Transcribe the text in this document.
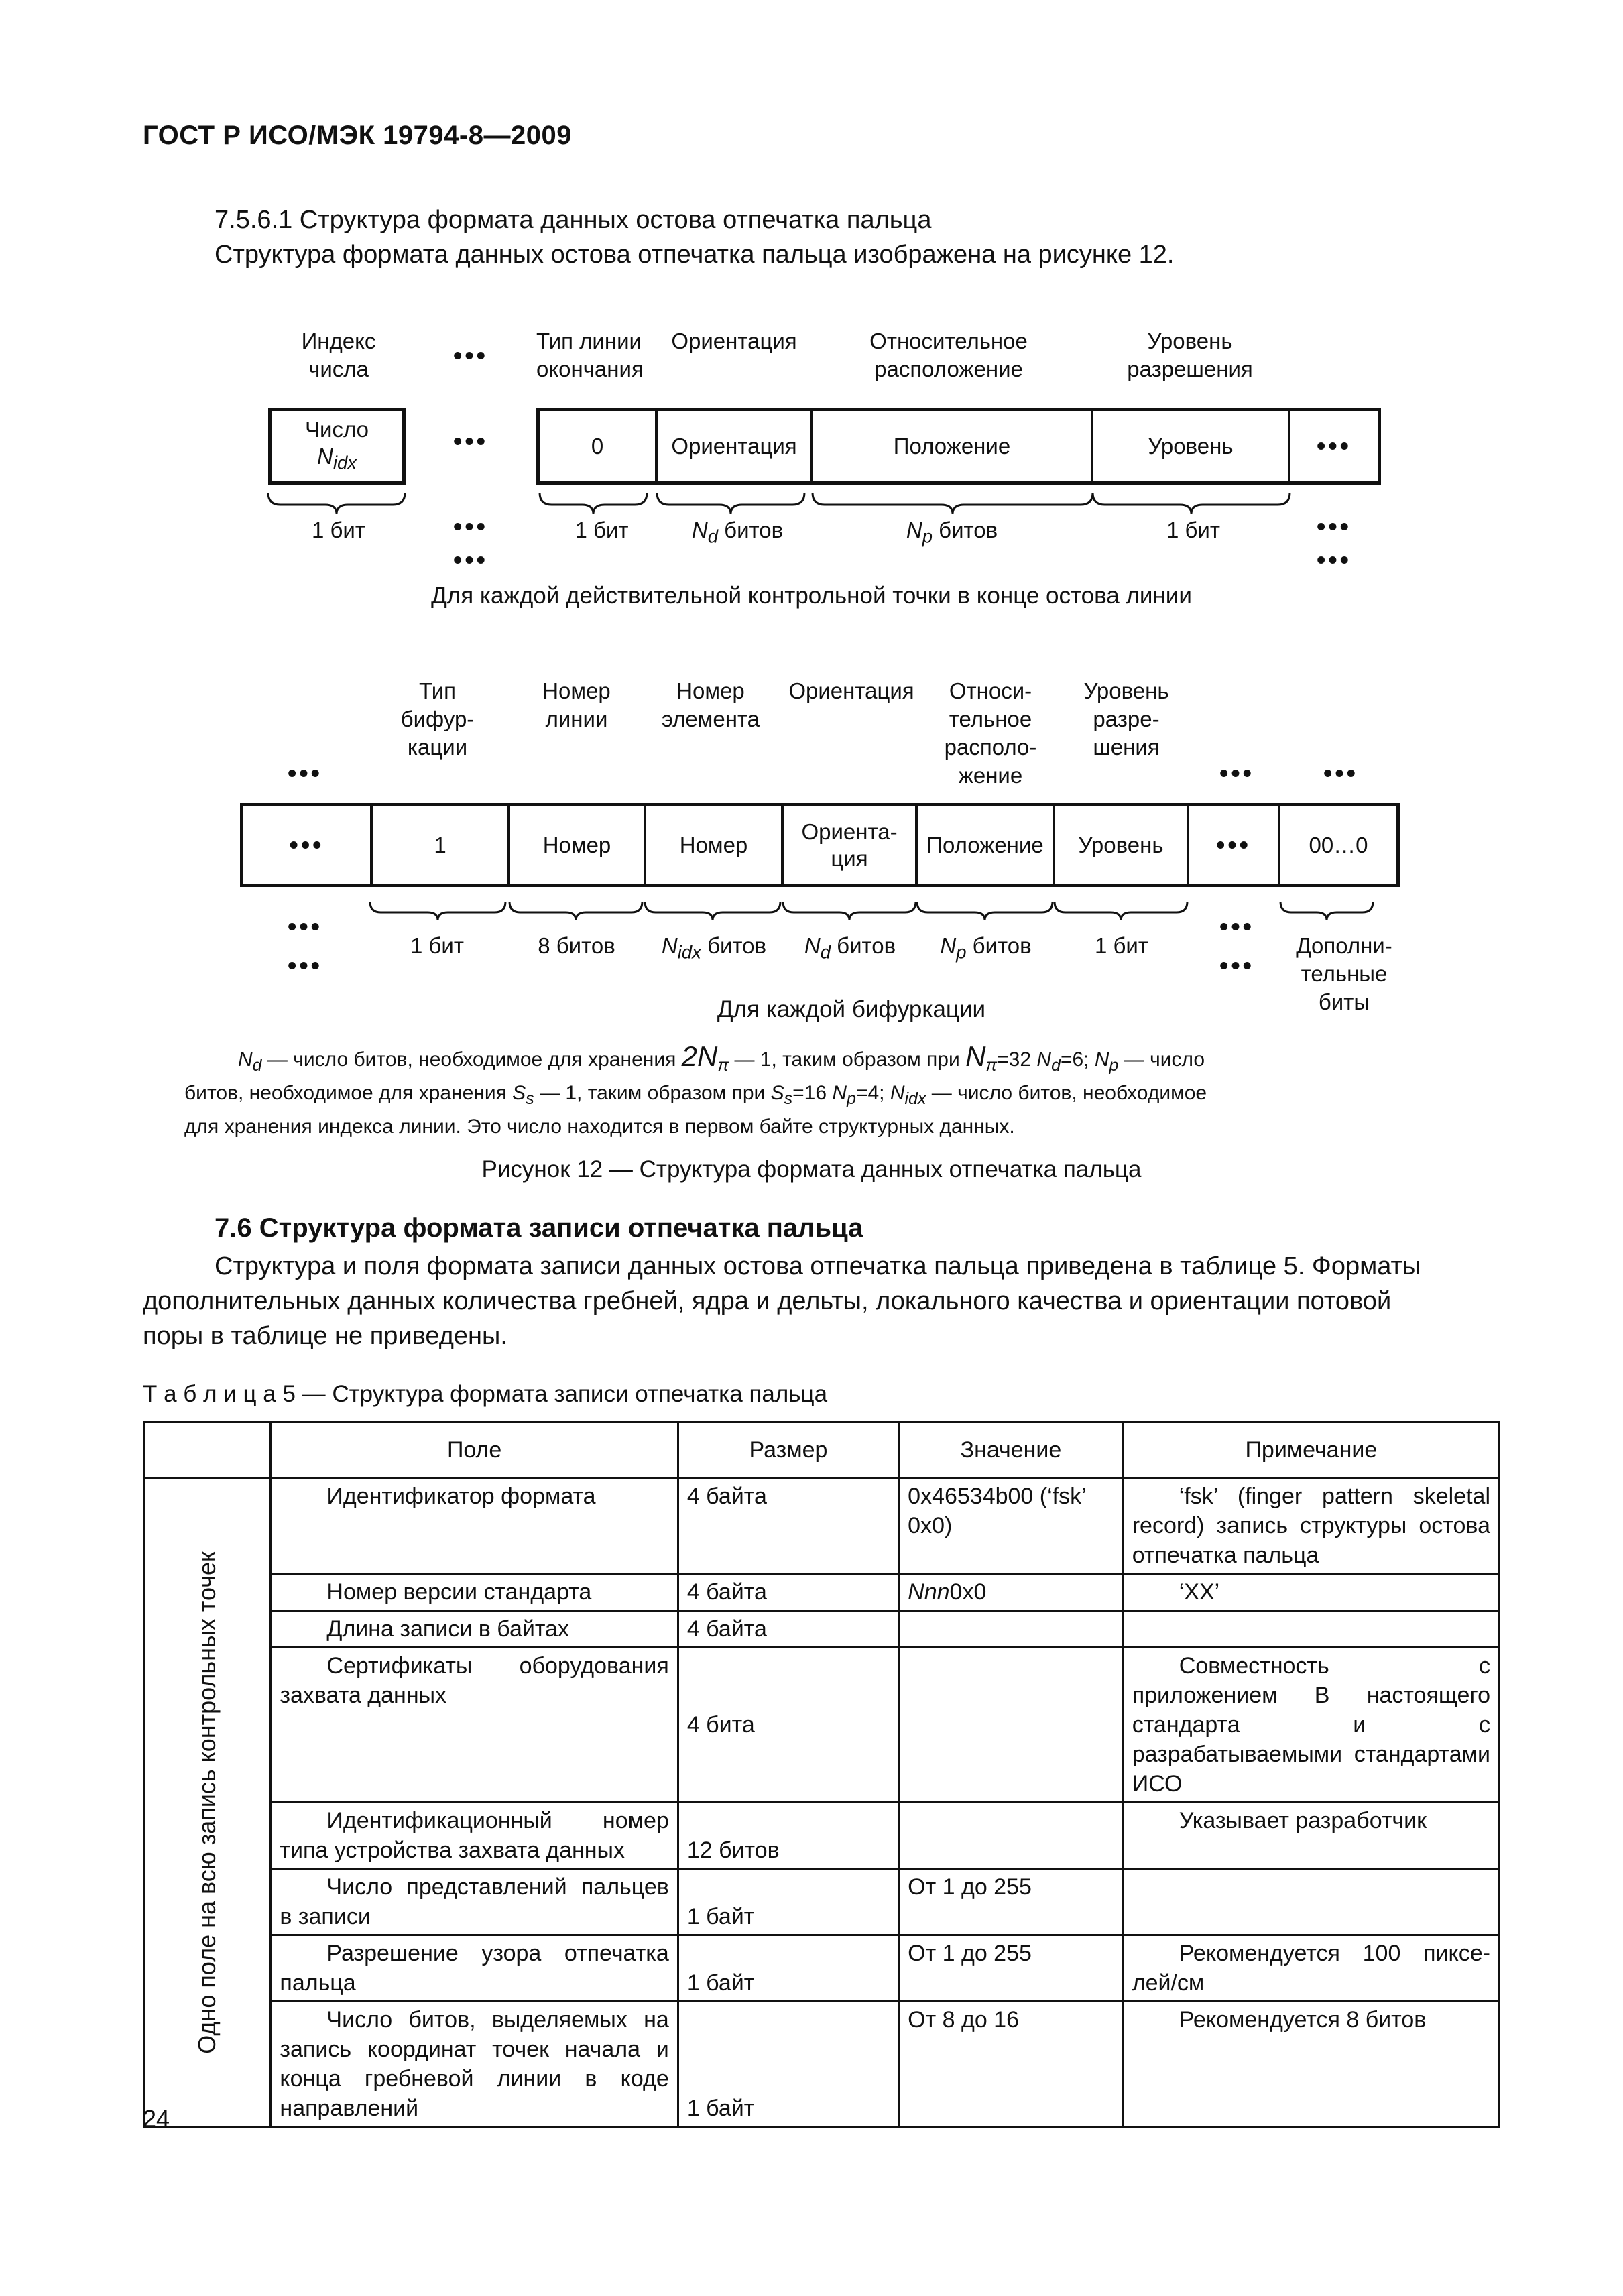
ГОСТ Р ИСО/МЭК 19794-8—2009
7.5.6.1 Структура формата данных остова отпечатка пальца
Структура формата данных остова отпечатка пальца изображена на рисунке 12.
Индекс
числа	•••
Тип линии
окончания
Ориентация	Относительное
расположение
Уровень
разрешения
Число
$N_{idx}$
•••	0	Ориентация	Положение	Уровень	•••
1 бит	•••
•••
1 бит	$N_d$ битов	$N_p$ битов	1 бит	•••
•••
Для каждой действительной контрольной точки в конце остова линии
Тип
бифур-
кации
Номер
линии
Номер
элемента
Ориентация	Относи-
тельное
располо-
жение
Уровень
разре-
шения
•••	•••	•••
•••	1	Номер	Номер
Ориента-
ция
Положение	Уровень	•••	00…0
•••
•••
1 бит	8 битов	$N_{idx}$ битов	$N_d$ битов	$N_p$ битов	1 бит
•••
•••
Дополни-
тельные
биты
Для каждой бифуркации
$N_d$ — число битов, необходимое для хранения $2N_\pi$ — 1, таким образом при $N_\pi=32$ $N_d=6$; $N_p$ — число
битов, необходимое для хранения $S_s$ — 1, таким образом при $S_s=16$ $N_p=4$; $N_{idx}$ — число битов, необходимое
для хранения индекса линии. Это число находится в первом байте структурных данных.
Рисунок 12 — Структура формата данных отпечатка пальца
7.6 Структура формата записи отпечатка пальца
Структура и поля формата записи данных остова отпечатка пальца приведена в таблице 5. Форматы
дополнительных данных количества гребней, ядра и дельты, локального качества и ориентации потовой
поры в таблице не приведены.
Т а б л и ц а 5 — Структура формата записи отпечатка пальца
	Поле	Размер	Значение	Примечание

Одно поле на всю запись контрольных точек	Идентификатор формата	4 байта	0x46534b00 (‘fsk’ 0x0)	‘fsk’ (finger pattern skeletal record) запись структуры остова отпечатка пальца
	Номер версии стандарта	4 байта	Nnn0x0	‘XX’
	Длина записи в байтах	4 байта		
	Сертификаты оборудования захвата данных	4 бита		Совместность с приложением В настоящего стандарта и с разрабатываемыми стандартами ИСО
	Идентификационный номер типа устройства захвата данных	12 битов		Указывает разработчик
	Число представлений пальцев в записи	1 байт	От 1 до 255	
	Разрешение узора отпечатка пальца	1 байт	От 1 до 255	Рекомендуется 100 пиксе-лей/см
	Число битов, выделяемых на запись координат точек начала и конца гребневой линии в коде направлений	1 байт	От 8 до 16	Рекомендуется 8 битов
24
